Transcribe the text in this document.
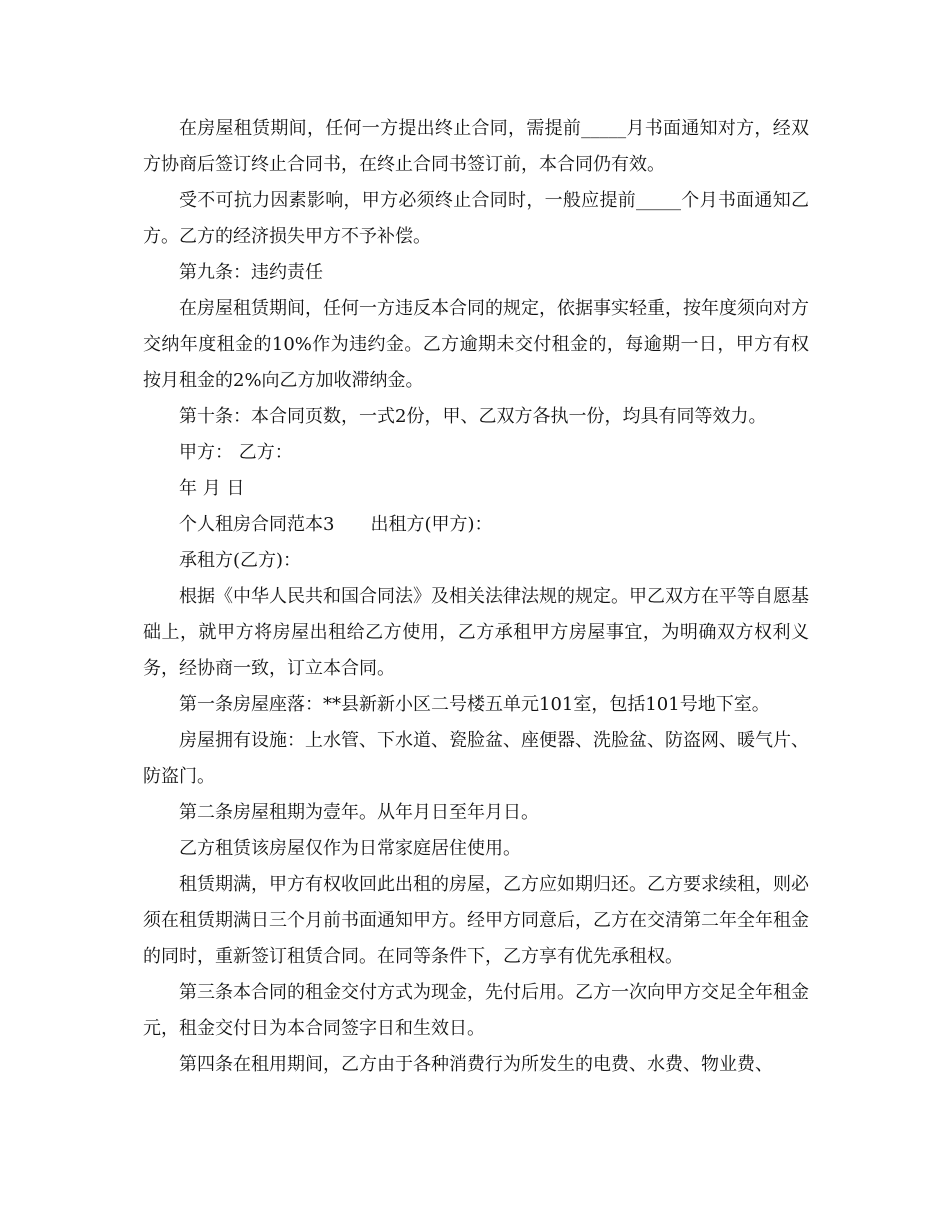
在房屋租赁期间，任何一方提出终止合同，需提前_____月书面通知对方，经双方协商后签订终止合同书，在终止合同书签订前，本合同仍有效。

受不可抗力因素影响，甲方必须终止合同时，一般应提前_____个月书面通知乙方。乙方的经济损失甲方不予补偿。

第九条：违约责任

在房屋租赁期间，任何一方违反本合同的规定，依据事实轻重，按年度须向对方交纳年度租金的10%作为违约金。乙方逾期未交付租金的，每逾期一日，甲方有权按月租金的2%向乙方加收滞纳金。

第十条：本合同页数，一式2份，甲、乙双方各执一份，均具有同等效力。

甲方： 乙方：

年 月 日

个人租房合同范本3 出租方(甲方)：

承租方(乙方)：

根据《中华人民共和国合同法》及相关法律法规的规定。甲乙双方在平等自愿基础上，就甲方将房屋出租给乙方使用，乙方承租甲方房屋事宜，为明确双方权利义务，经协商一致，订立本合同。

第一条房屋座落：**县新新小区二号楼五单元101室，包括101号地下室。

房屋拥有设施：上水管、下水道、瓷脸盆、座便器、洗脸盆、防盗网、暖气片、防盗门。

第二条房屋租期为壹年。从年月日至年月日。

乙方租赁该房屋仅作为日常家庭居住使用。

租赁期满，甲方有权收回此出租的房屋，乙方应如期归还。乙方要求续租，则必须在租赁期满日三个月前书面通知甲方。经甲方同意后，乙方在交清第二年全年租金的同时，重新签订租赁合同。在同等条件下，乙方享有优先承租权。

第三条本合同的租金交付方式为现金，先付后用。乙方一次向甲方交足全年租金元，租金交付日为本合同签字日和生效日。

第四条在租用期间，乙方由于各种消费行为所发生的电费、水费、物业费、
